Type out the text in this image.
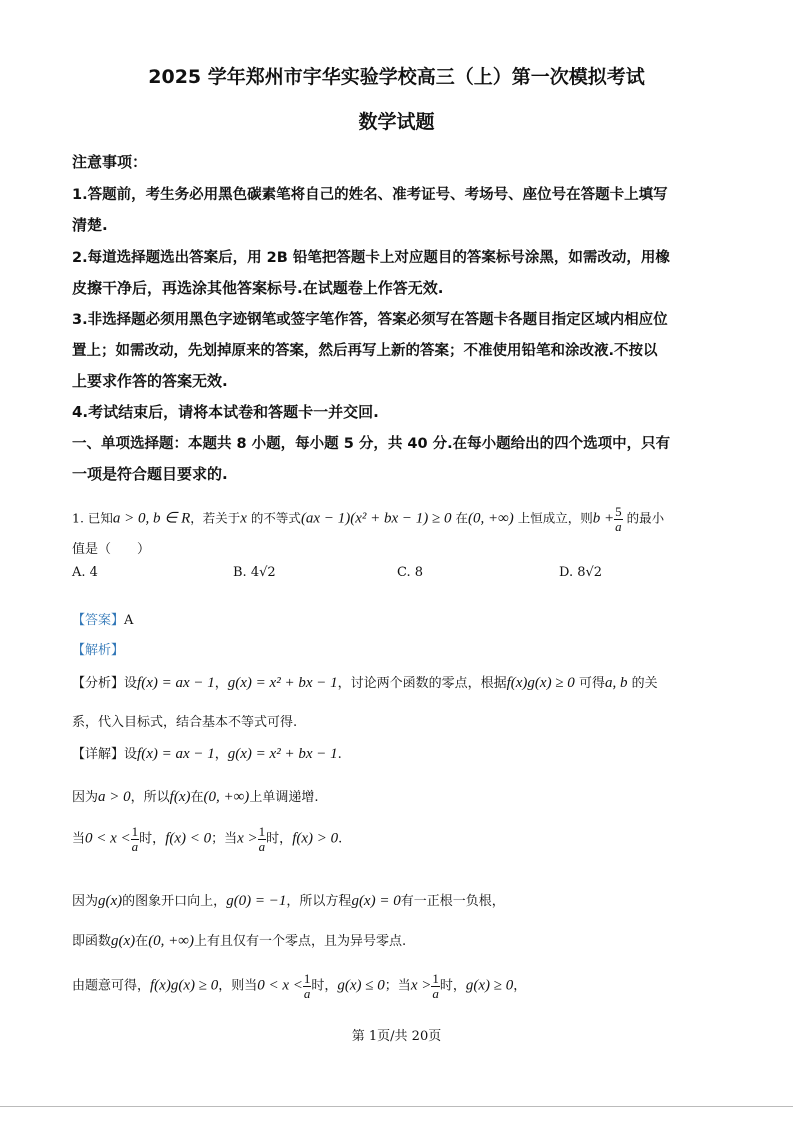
2025 学年郑州市宇华实验学校高三（上）第一次模拟考试
数学试题
注意事项：
1.答题前，考生务必用黑色碳素笔将自己的姓名、准考证号、考场号、座位号在答题卡上填写
清楚.
2.每道选择题选出答案后，用 2B 铅笔把答题卡上对应题目的答案标号涂黑，如需改动，用橡
皮擦干净后，再选涂其他答案标号.在试题卷上作答无效.
3.非选择题必须用黑色字迹钢笔或签字笔作答，答案必须写在答题卡各题目指定区域内相应位
置上；如需改动，先划掉原来的答案，然后再写上新的答案；不准使用铅笔和涂改液.不按以
上要求作答的答案无效.
4.考试结束后，请将本试卷和答题卡一并交回.
一、单项选择题：本题共 8 小题，每小题 5 分，共 40 分.在每小题给出的四个选项中，只有
一项是符合题目要求的.
1. 已知a > 0, b ∈ R，若关于x 的不等式(ax − 1)(x² + bx − 1) ≥ 0 在(0, +∞) 上恒成立，则$b + \frac{5}{a}$ 的最小
值是（　　）
A. 4	B. 4√2	C. 8	D. 8√2
【答案】A
【解析】
【分析】设f(x) = ax − 1，g(x) = x² + bx − 1，讨论两个函数的零点，根据f(x)g(x) ≥ 0 可得a, b 的关
系，代入目标式，结合基本不等式可得.
【详解】设f(x) = ax − 1，g(x) = x² + bx − 1.
因为a > 0，所以f(x)在(0, +∞)上单调递增.
当$0 < x < \frac{1}{a}$ 时，f(x) < 0；当$x > \frac{1}{a}$ 时，f(x) > 0.
因为g(x)的图象开口向上，g(0) = −1，所以方程g(x) = 0有一正根一负根，
即函数g(x)在(0, +∞)上有且仅有一个零点，且为异号零点.
由题意可得，f(x)g(x) ≥ 0，则当$0 < x < \frac{1}{a}$ 时，g(x) ≤ 0；当$x > \frac{1}{a}$ 时，g(x) ≥ 0，
第 1页/共 20页
